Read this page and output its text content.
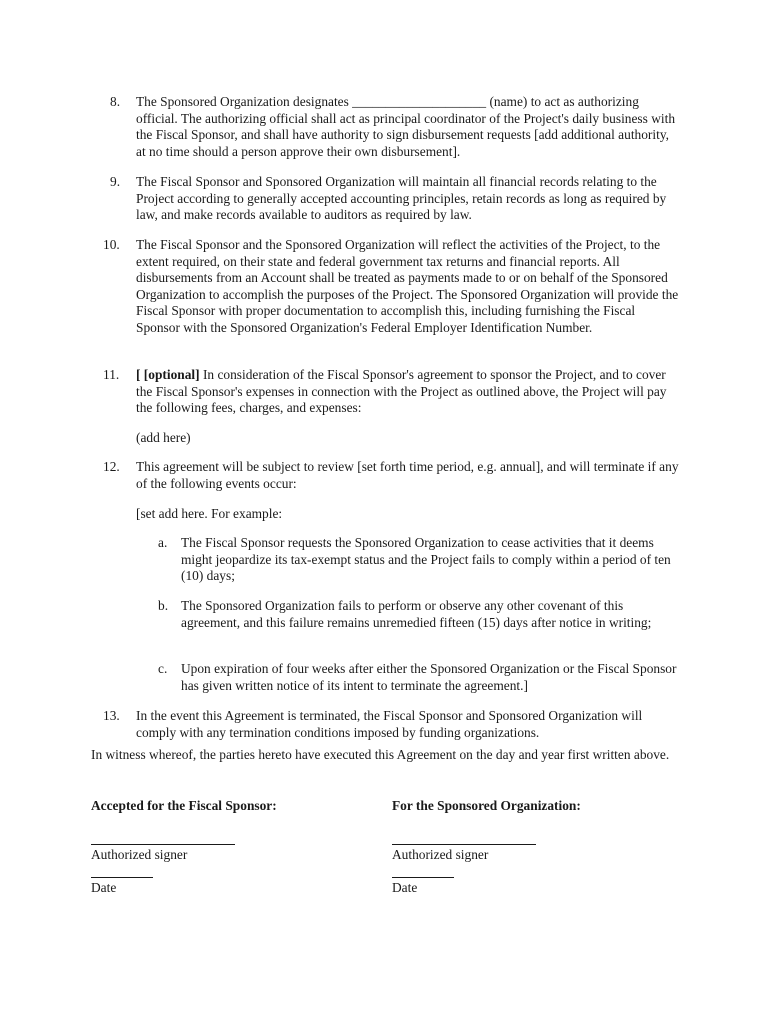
8.	The Sponsored Organization designates ____________________ (name) to act as authorizing official. The authorizing official shall act as principal coordinator of the Project's daily business with the Fiscal Sponsor, and shall have authority to sign disbursement requests [add additional authority, at no time should a person approve their own disbursement].

9.	The Fiscal Sponsor and Sponsored Organization will maintain all financial records relating to the Project according to generally accepted accounting principles, retain records as long as required by law, and make records available to auditors as required by law.

10.	The Fiscal Sponsor and the Sponsored Organization will reflect the activities of the Project, to the extent required, on their state and federal government tax returns and financial reports. All disbursements from an Account shall be treated as payments made to or on behalf of the Sponsored Organization to accomplish the purposes of the Project. The Sponsored Organization will provide the Fiscal Sponsor with proper documentation to accomplish this, including furnishing the Fiscal Sponsor with the Sponsored Organization's Federal Employer Identification Number.

11.	[ [optional] In consideration of the Fiscal Sponsor's agreement to sponsor the Project, and to cover the Fiscal Sponsor's expenses in connection with the Project as outlined above, the Project will pay the following fees, charges, and expenses:

(add here)
12.	This agreement will be subject to review [set forth time period, e.g. annual], and will terminate if any of the following events occur:

[set add here. For example:
a. The Fiscal Sponsor requests the Sponsored Organization to cease activities that it deems might jeopardize its tax-exempt status and the Project fails to comply within a period of ten (10) days;
b. The Sponsored Organization fails to perform or observe any other covenant of this agreement, and this failure remains unremedied fifteen (15) days after notice in writing;
c. Upon expiration of four weeks after either the Sponsored Organization or the Fiscal Sponsor has given written notice of its intent to terminate the agreement.]
13.	In the event this Agreement is terminated, the Fiscal Sponsor and Sponsored Organization will comply with any termination conditions imposed by funding organizations.

In witness whereof, the parties hereto have executed this Agreement on the day and year first written above.
Accepted for the Fiscal Sponsor:
Authorized signer
Date
For the Sponsored Organization:
Authorized signer
Date
